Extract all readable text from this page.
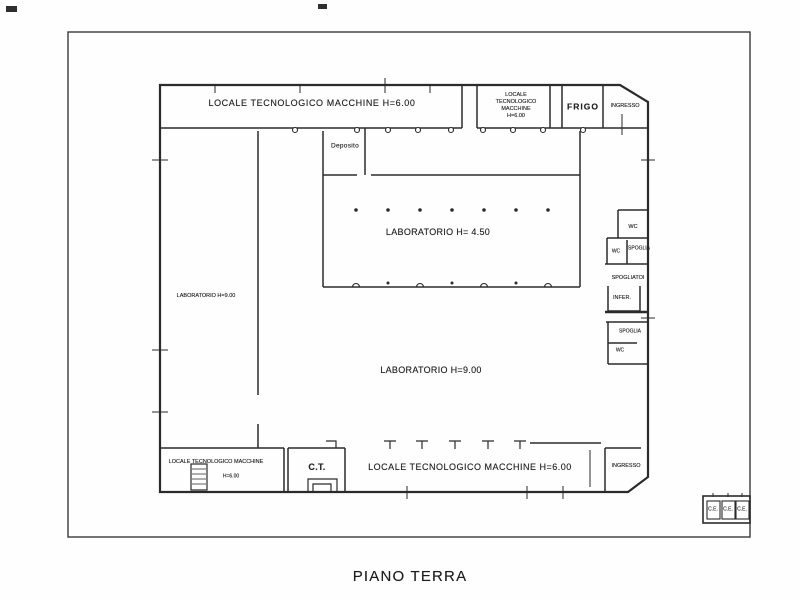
LOCALE TECNOLOGICO MACCHINE H=6.00
Deposito
LOCALE
TECNOLOGICO
MACCHINE
H=6.00
FRIGO INGRESSO
LABORATORIO H= 4.50
LABORATORIO H=9.00
LABORATORIO H=9.00
WC
WC SPOGLIA
SPOGLIATOI
INFER.
SPOGLIA
WC
LOCALE TECNOLOGICO MACCHINE
H=6.00
C.T.	LOCALE TECNOLOGICO MACCHINE H=6.00	INGRESSO
C.E. C.E. C.E.
PIANO TERRA
